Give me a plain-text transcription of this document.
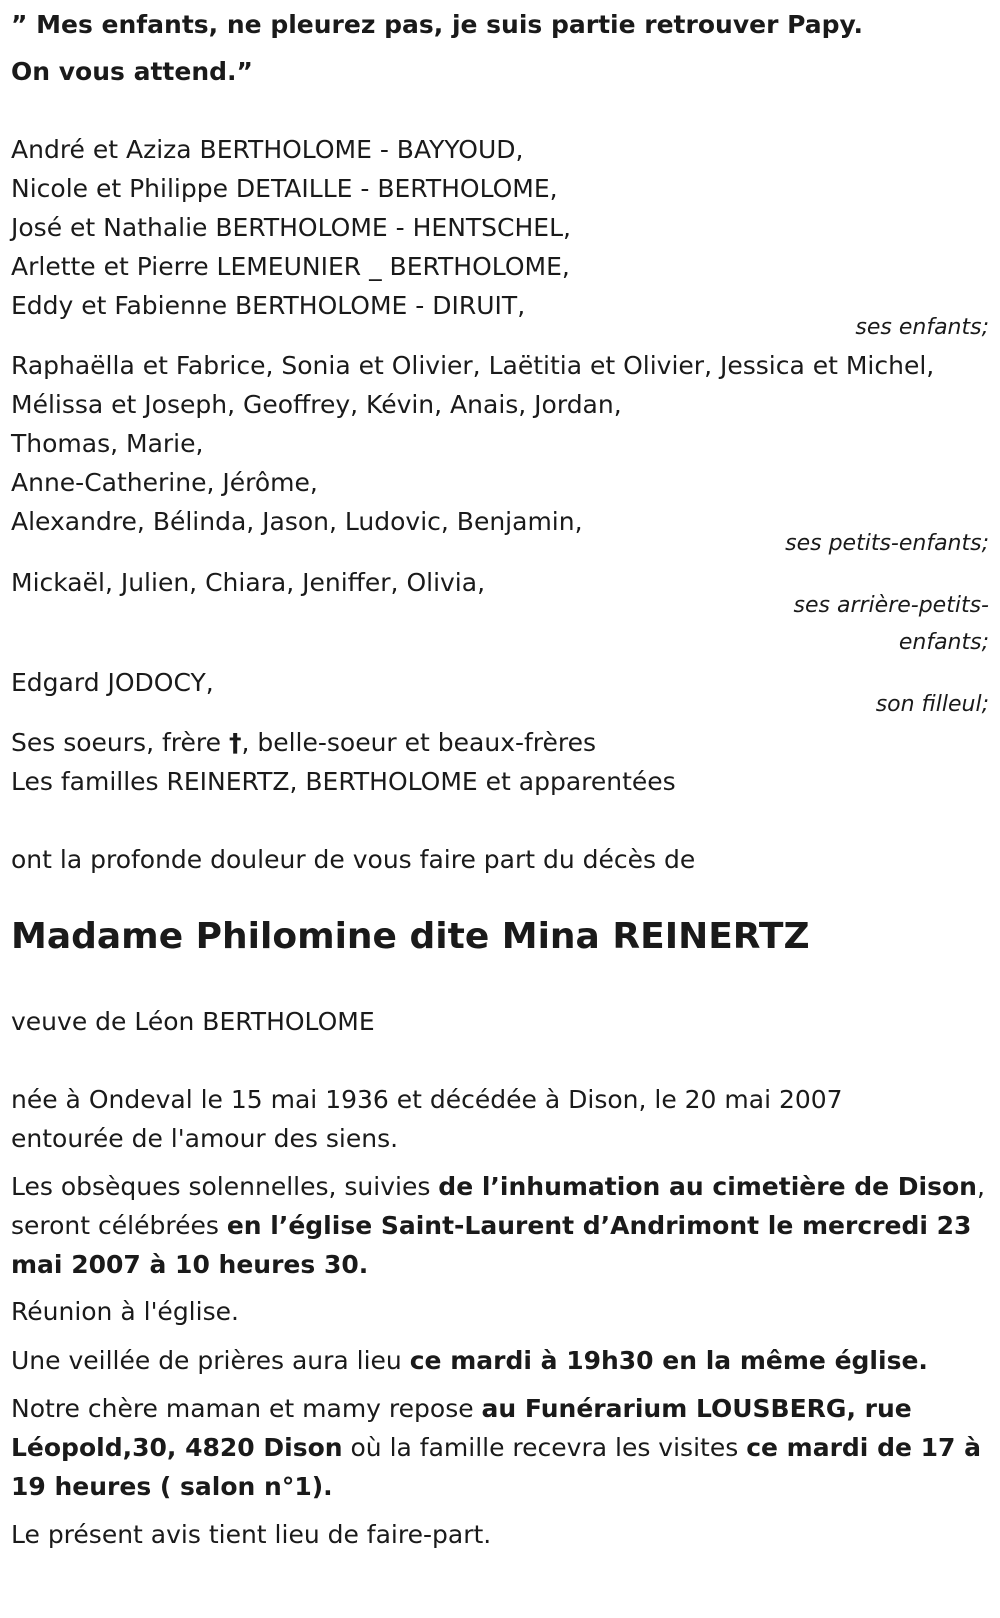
” Mes enfants, ne pleurez pas, je suis partie retrouver Papy.
On vous attend.”
André et Aziza BERTHOLOME - BAYYOUD,
Nicole et Philippe DETAILLE - BERTHOLOME,
José et Nathalie BERTHOLOME - HENTSCHEL,
Arlette et Pierre LEMEUNIER _ BERTHOLOME,
Eddy et Fabienne BERTHOLOME - DIRUIT,
ses enfants;
Raphaëlla et Fabrice, Sonia et Olivier, Laëtitia et Olivier, Jessica et Michel,
Mélissa et Joseph, Geoffrey, Kévin, Anais, Jordan,
Thomas, Marie,
Anne-Catherine, Jérôme,
Alexandre, Bélinda, Jason, Ludovic, Benjamin,
ses petits-enfants;
Mickaël, Julien, Chiara, Jeniffer, Olivia,
ses arrière-petits-
enfants;
Edgard JODOCY,
son filleul;
Ses soeurs, frère †, belle-soeur et beaux-frères
Les familles REINERTZ, BERTHOLOME et apparentées
ont la profonde douleur de vous faire part du décès de
Madame Philomine dite Mina REINERTZ
veuve de Léon BERTHOLOME
née à Ondeval le 15 mai 1936 et décédée à Dison, le 20 mai 2007
entourée de l'amour des siens.
Les obsèques solennelles, suivies de l’inhumation au cimetière de Dison,
seront célébrées en l’église Saint-Laurent d’Andrimont le mercredi 23
mai 2007 à 10 heures 30.
Réunion à l'église.
Une veillée de prières aura lieu ce mardi à 19h30 en la même église.
Notre chère maman et mamy repose au Funérarium LOUSBERG, rue
Léopold,30, 4820 Dison où la famille recevra les visites ce mardi de 17 à
19 heures ( salon n°1).
Le présent avis tient lieu de faire-part.
